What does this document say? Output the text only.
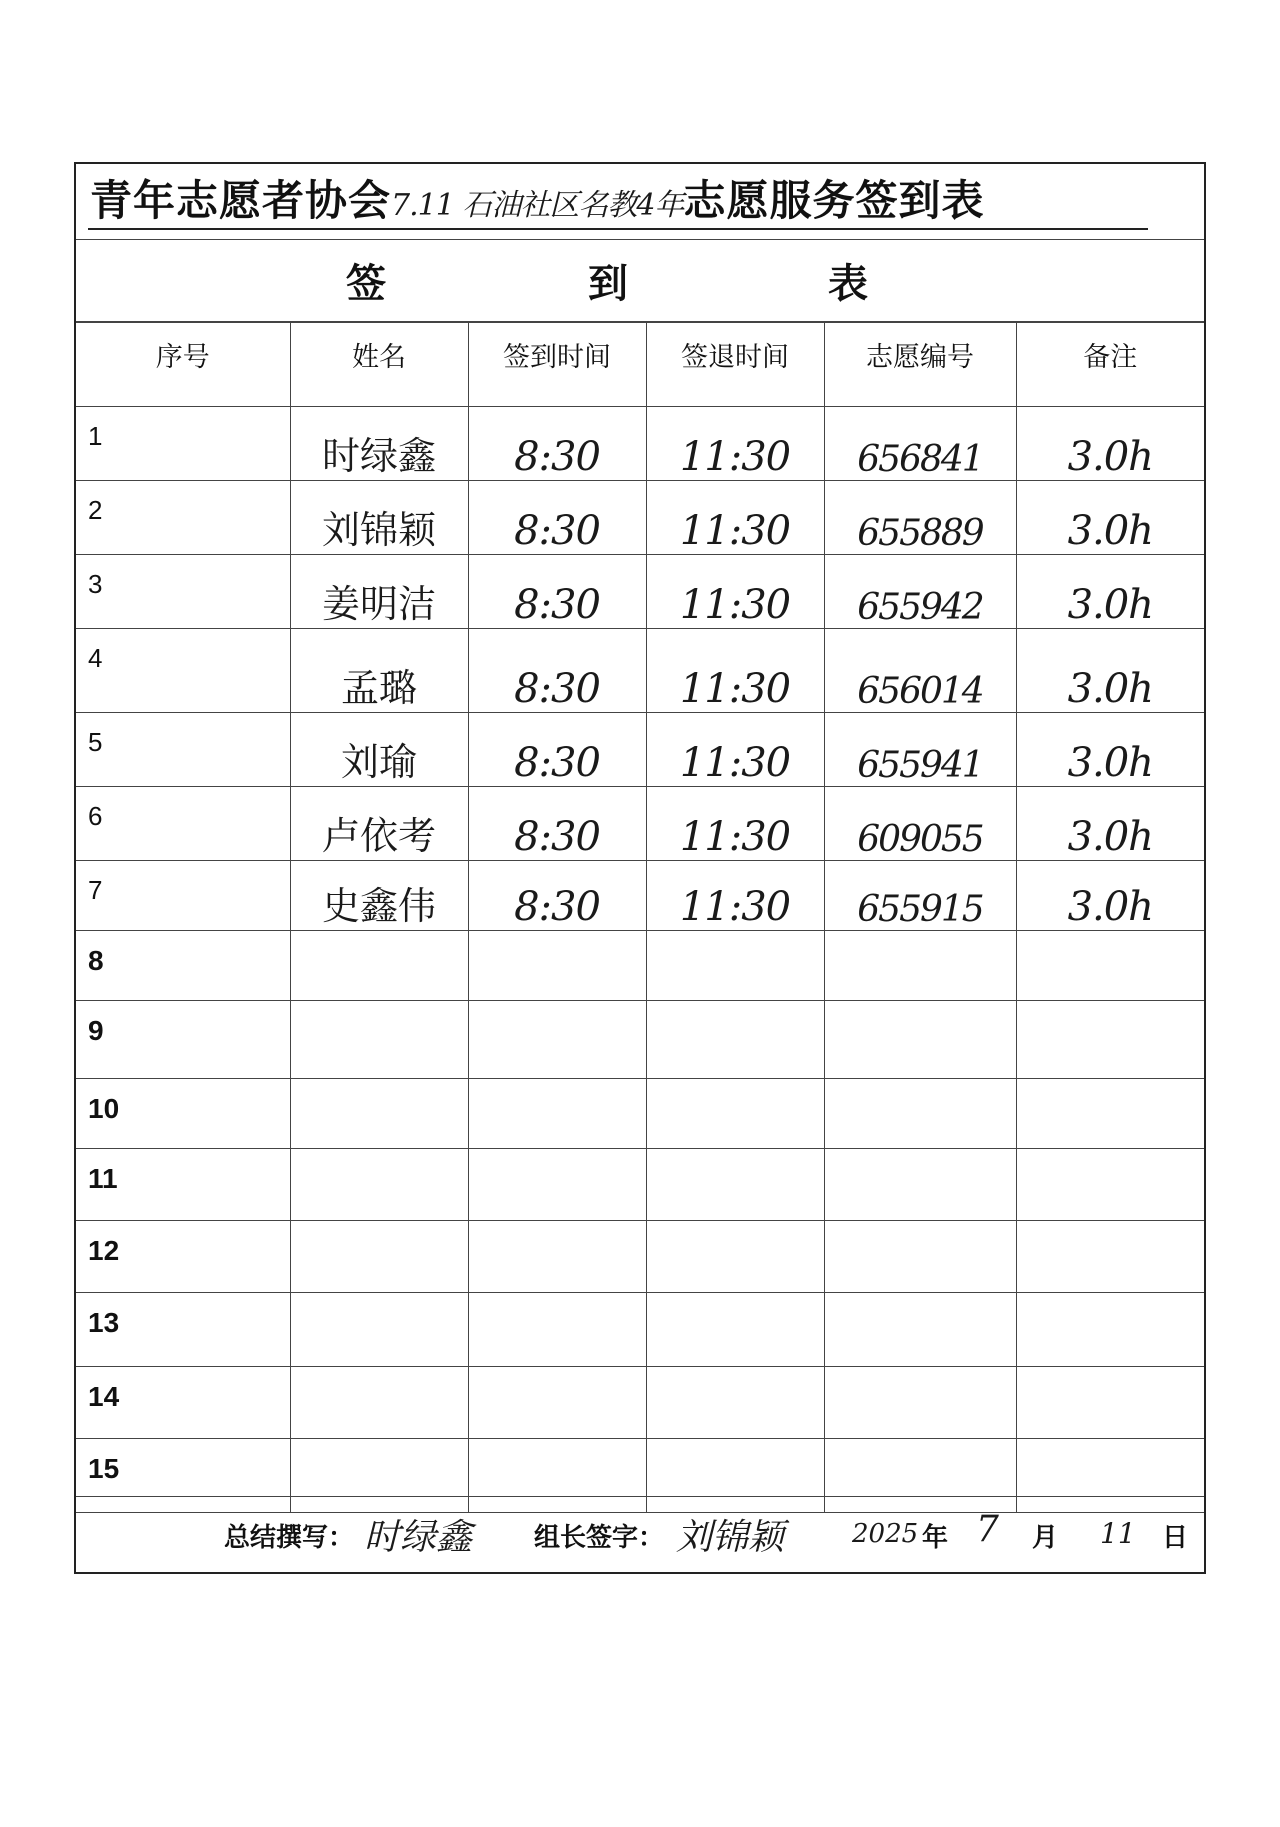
青年志愿者协会7.11 石油社区名教4年志愿服务签到表
签	到	表
序号	姓名	签到时间	签退时间	志愿编号	备注
1	时绿鑫	8:30	11:30	656841	3.0h
2	刘锦颖	8:30	11:30	655889	3.0h
3	姜明洁	8:30	11:30	655942	3.0h
4	孟璐	8:30	11:30	656014	3.0h
5	刘瑜	8:30	11:30	655941	3.0h
6	卢依考	8:30	11:30	609055	3.0h
7	史鑫伟	8:30	11:30	655915	3.0h
8					
9					
10					
11					
12					
13					
14					
15					
总结撰写： 时绿鑫 组长签字： 刘锦颖	2025 年 7 月 11 日
